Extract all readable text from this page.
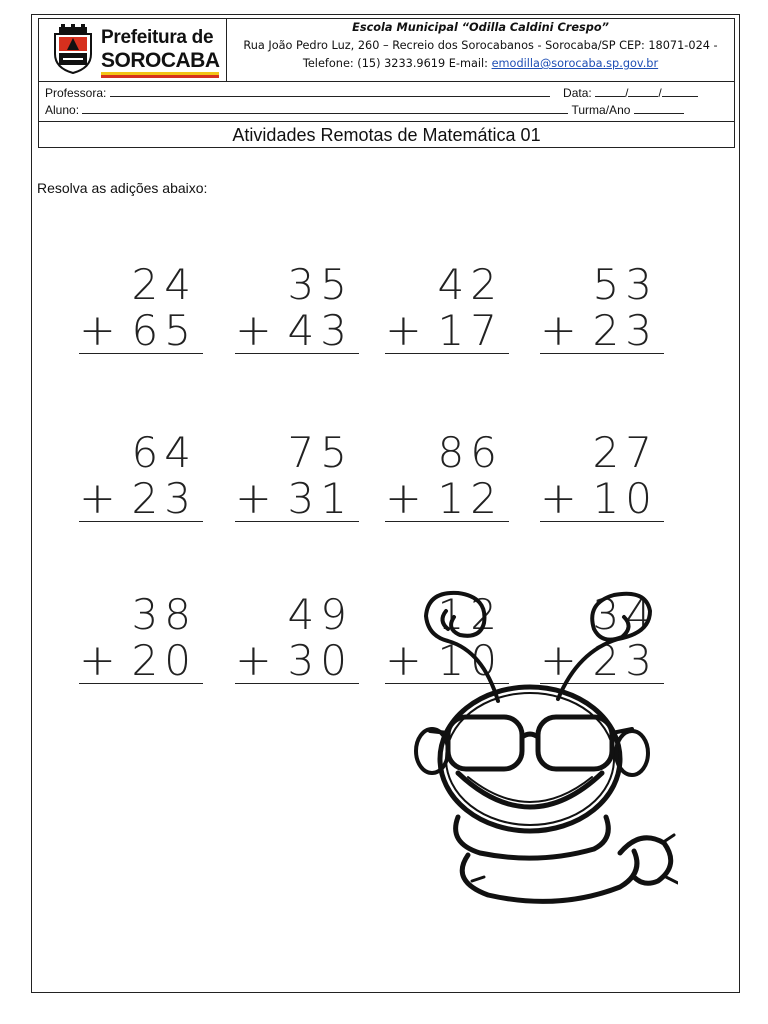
Prefeitura de
SOROCABA
Escola Municipal “Odilla Caldini Crespo”
Rua João Pedro Luz, 260 – Recreio dos Sorocabanos - Sorocaba/SP CEP: 18071-024 -
Telefone: (15) 3233.9619 E-mail: emodilla@sorocaba.sp.gov.br
Professora:	Data:	/	/
Aluno:	Turma/Ano
Atividades Remotas de Matemática 01
Resolva as adições abaixo:
24
+ 65
35
+ 43
42
+ 17
53
+ 23
64
+ 23
75
+ 31
86
+ 12
27
+ 10
38
+ 20
49
+ 30
12
+ 10
34
+ 23
